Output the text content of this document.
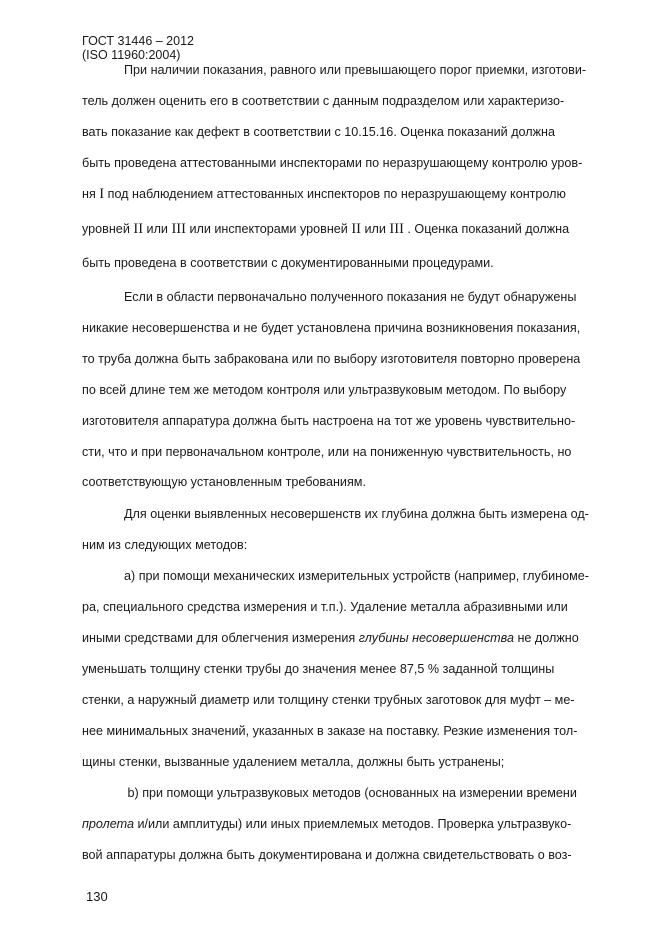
ГОСТ 31446 – 2012
(ISO 11960:2004)
При наличии показания, равного или превышающего порог приемки, изготови-
тель должен оценить его в соответствии с данным подразделом или характеризо-
вать показание как дефект в соответствии с 10.15.16. Оценка показаний должна
быть проведена аттестованными инспекторами по неразрушающему контролю уров-
ня I под наблюдением аттестованных инспекторов по неразрушающему контролю
уровней II или III или инспекторами уровней II или III . Оценка показаний должна
быть проведена в соответствии с документированными процедурами.
Если в области первоначально полученного показания не будут обнаружены
никакие несовершенства и не будет установлена причина возникновения показания,
то труба должна быть забракована или по выбору изготовителя повторно проверена
по всей длине тем же методом контроля или ультразвуковым методом. По выбору
изготовителя аппаратура должна быть настроена на тот же уровень чувствительно-
сти, что и при первоначальном контроле, или на пониженную чувствительность, но
соответствующую установленным требованиям.
Для оценки выявленных несовершенств их глубина должна быть измерена од-
ним из следующих методов:
а) при помощи механических измерительных устройств (например, глубиноме-
ра, специального средства измерения и т.п.). Удаление металла абразивными или
иными средствами для облегчения измерения глубины несовершенства не должно
уменьшать толщину стенки трубы до значения менее 87,5 % заданной толщины
стенки, а наружный диаметр или толщину стенки трубных заготовок для муфт – ме-
нее минимальных значений, указанных в заказе на поставку. Резкие изменения тол-
щины стенки, вызванные удалением металла, должны быть устранены;
b) при помощи ультразвуковых методов (основанных на измерении времени
пролета и/или амплитуды) или иных приемлемых методов. Проверка ультразвуко-
вой аппаратуры должна быть документирована и должна свидетельствовать о воз-
130
